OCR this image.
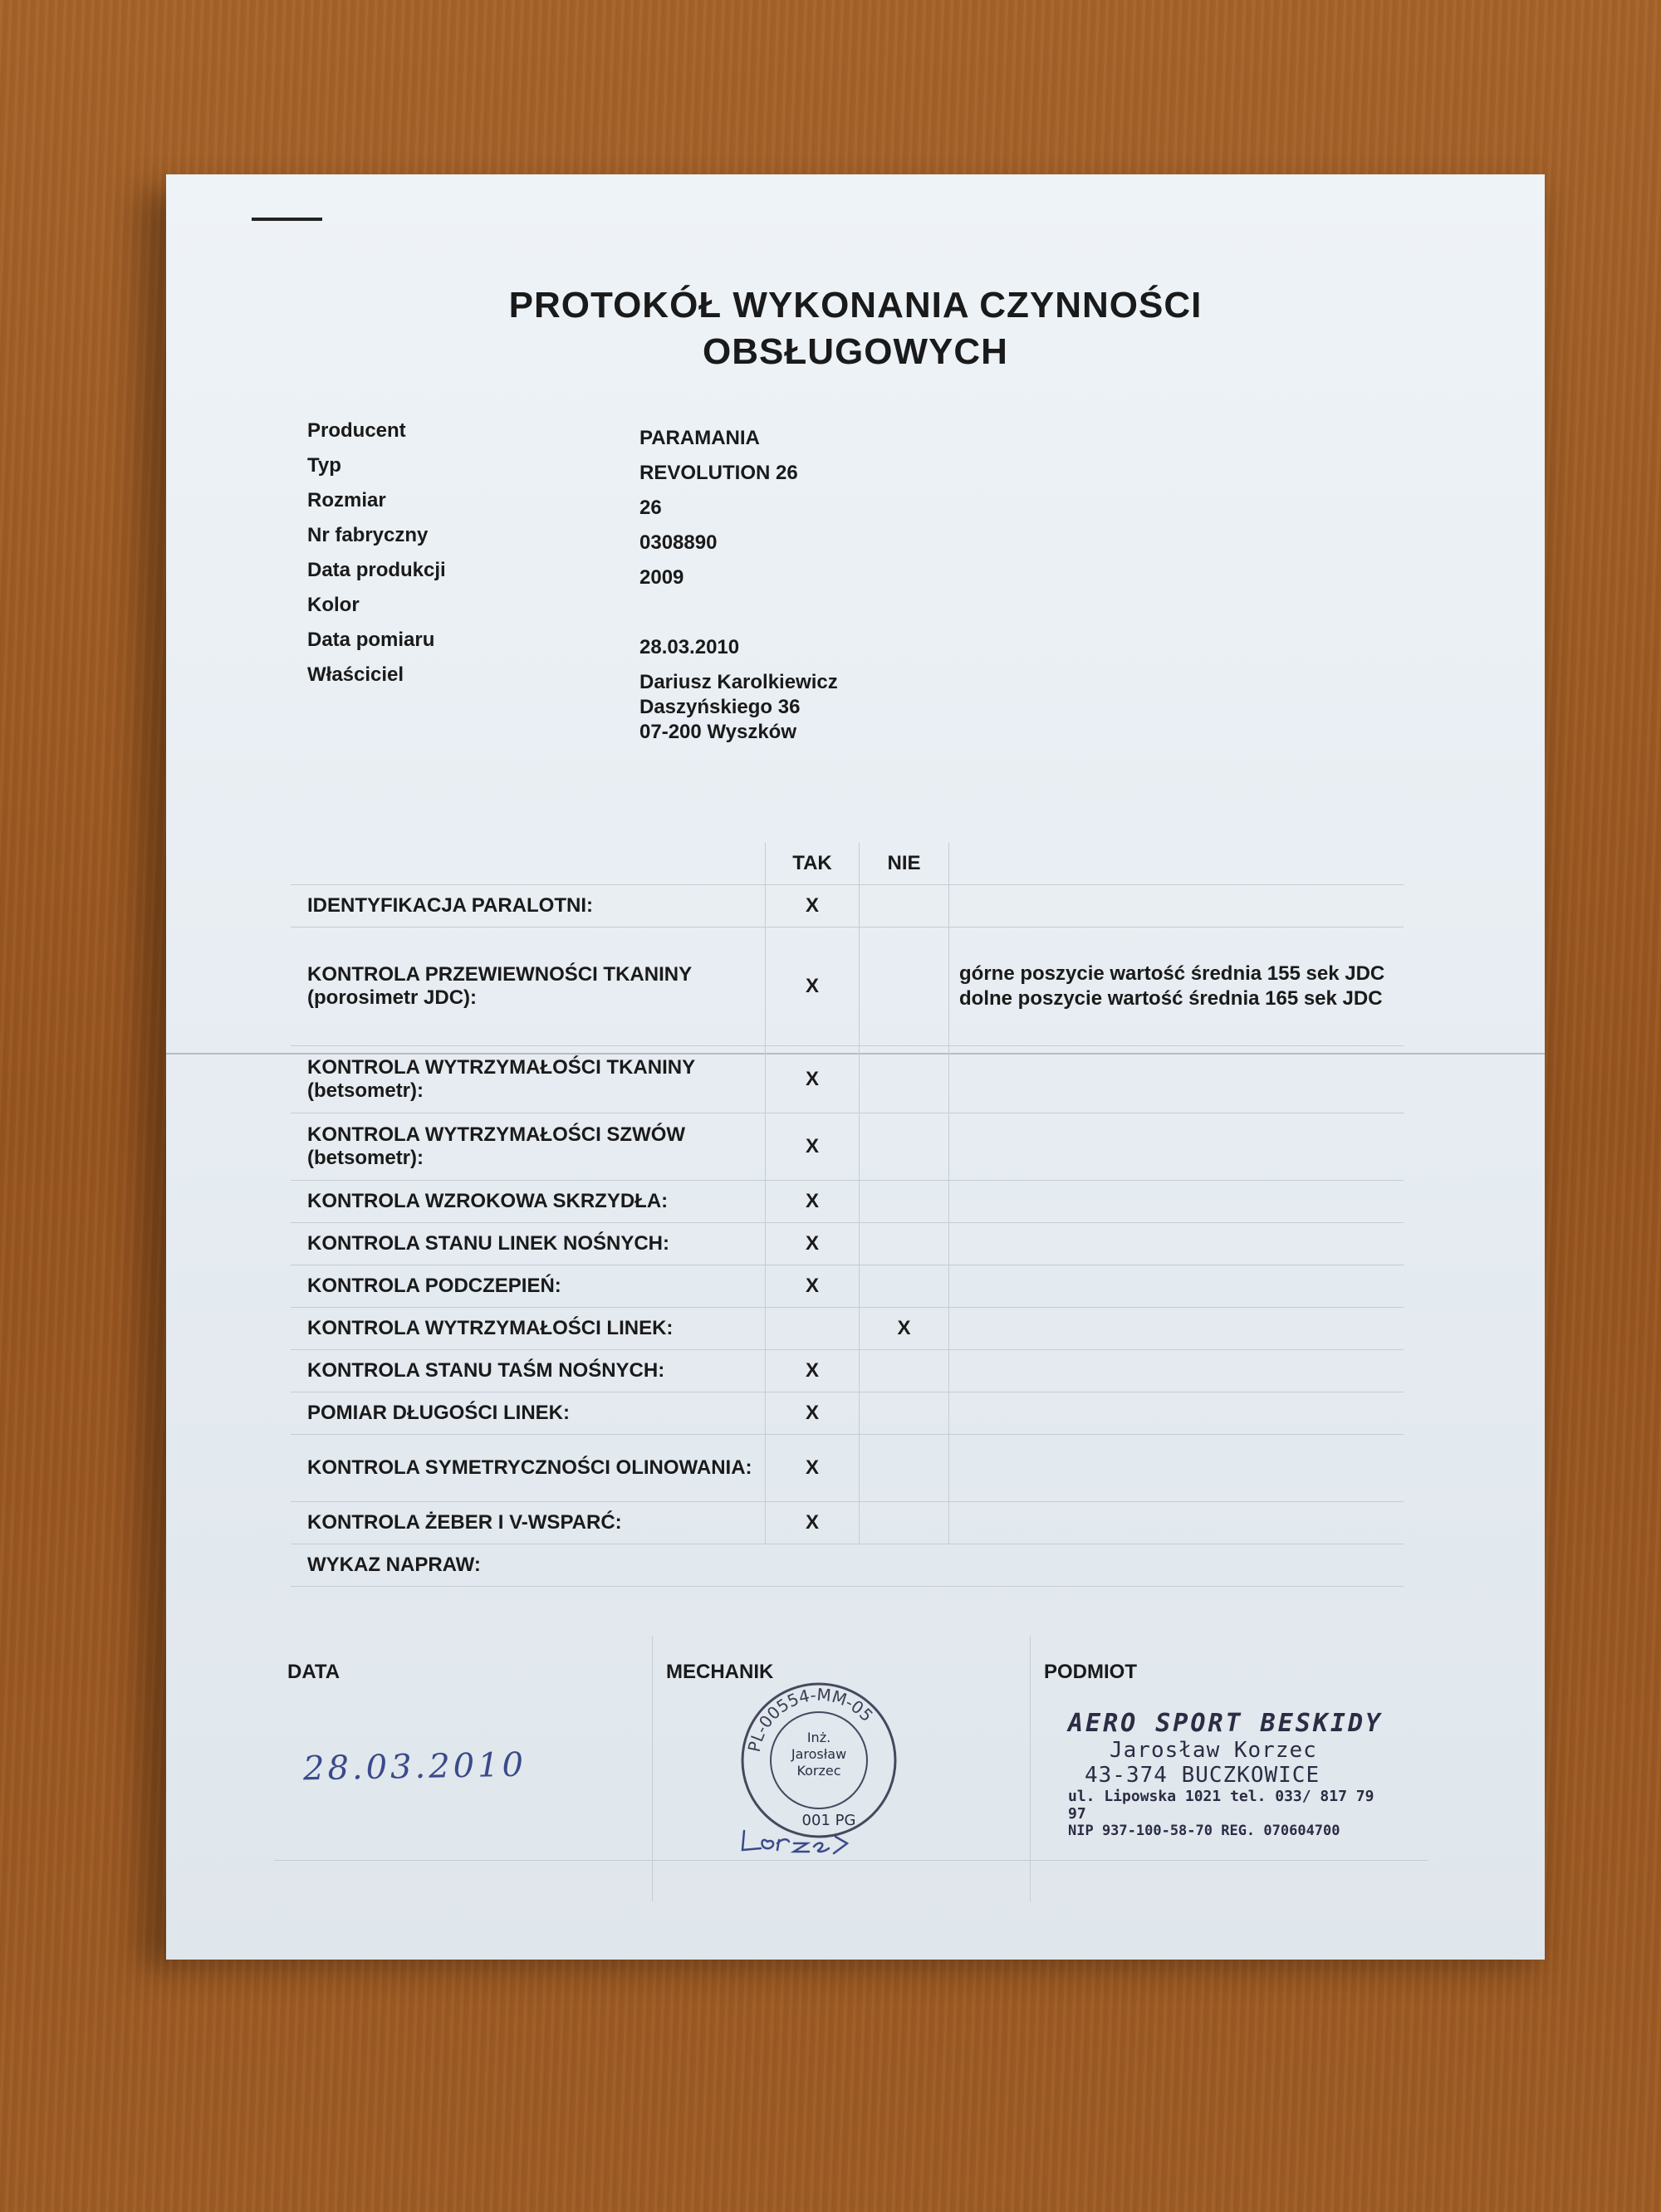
PROTOKÓŁ WYKONANIA CZYNNOŚCI
OBSŁUGOWYCH
Producent	PARAMANIA
Typ	REVOLUTION 26
Rozmiar	26
Nr fabryczny	0308890
Data produkcji	2009
Kolor
Data pomiaru	28.03.2010
Właściciel	Dariusz Karolkiewicz
Daszyńskiego 36
07-200 Wyszków
	TAK	NIE	
IDENTYFIKACJA PARALOTNI:	X		
KONTROLA PRZEWIEWNOŚCI TKANINY (porosimetr JDC):	X		górne poszycie wartość średnia 155 sek JDC
dolne poszycie wartość średnia 165 sek JDC

KONTROLA WYTRZYMAŁOŚCI TKANINY (betsometr):	X		
KONTROLA WYTRZYMAŁOŚCI SZWÓW (betsometr):	X		
KONTROLA WZROKOWA SKRZYDŁA:	X		
KONTROLA STANU LINEK NOŚNYCH:	X		
KONTROLA PODCZEPIEŃ:	X		
KONTROLA WYTRZYMAŁOŚCI LINEK:		X	
KONTROLA STANU TAŚM NOŚNYCH:	X		
POMIAR DŁUGOŚCI LINEK:	X		
KONTROLA SYMETRYCZNOŚCI OLINOWANIA:	X		
KONTROLA ŻEBER I V-WSPARĆ:	X		
WYKAZ NAPRAW:			
DATA
28.03.2010
MECHANIK
PL-00554-MM-05
Inż.
Jarosław
Korzec
001 PG
PODMIOT
AERO SPORT BESKIDY
Jarosław Korzec
43-374 BUCZKOWICE
ul. Lipowska 1021 tel. 033/ 817 79 97
NIP 937-100-58-70 REG. 070604700
